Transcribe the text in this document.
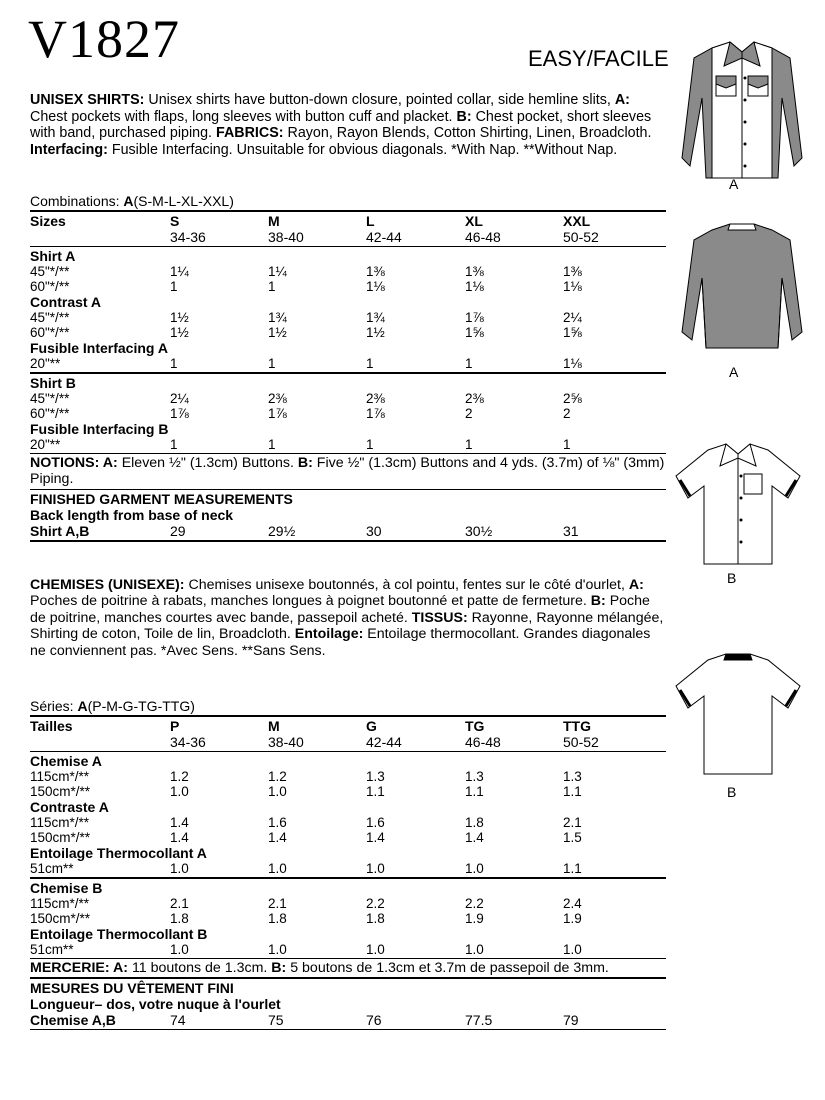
V1827	EASY/FACILE
UNISEX SHIRTS: Unisex shirts have button-down closure, pointed collar, side hemline slits, A: Chest pockets with flaps, long sleeves with button cuff and placket. B: Chest pocket, short sleeves with band, purchased piping. FABRICS: Rayon, Rayon Blends, Cotton Shirting, Linen, Broadcloth. Interfacing: Fusible Interfacing. Unsuitable for obvious diagonals. *With Nap. **Without Nap.
Combinations: A(S-M-L-XL-XXL)
Sizes	S	M	L	XL	XXL
34-36	38-40	42-44	46-48	50-52
Shirt A
45"*/**	1¼	1¼	1⅜	1⅜	1⅜
60"*/**	1	1	1⅛	1⅛	1⅛
Contrast A
45"*/**	1½	1¾	1¾	1⅞	2¼
60"*/**	1½	1½	1½	1⅝	1⅝
Fusible Interfacing A
20"**	1	1	1	1	1⅛
Shirt B
45"*/**	2¼	2⅜	2⅜	2⅜	2⅝
60"*/**	1⅞	1⅞	1⅞	2	2
Fusible Interfacing B
20"**	1	1	1	1	1
NOTIONS: A: Eleven ½" (1.3cm) Buttons. B: Five ½" (1.3cm) Buttons and 4 yds. (3.7m) of ⅛" (3mm) Piping.
FINISHED GARMENT MEASUREMENTS
Back length from base of neck
Shirt A,B	29	29½	30	30½	31
CHEMISES (UNISEXE): Chemises unisexe boutonnés, à col pointu, fentes sur le côté d'ourlet, A: Poches de poitrine à rabats, manches longues à poignet boutonné et patte de fermeture. B: Poche de poitrine, manches courtes avec bande, passepoil acheté. TISSUS: Rayonne, Rayonne mélangée, Shirting de coton, Toile de lin, Broadcloth. Entoilage: Entoilage thermocollant. Grandes diagonales ne conviennent pas. *Avec Sens. **Sans Sens.
Séries: A(P-M-G-TG-TTG)
Tailles	P	M	G	TG	TTG
34-36	38-40	42-44	46-48	50-52
Chemise A
115cm*/**	1.2	1.2	1.3	1.3	1.3
150cm*/**	1.0	1.0	1.1	1.1	1.1
Contraste A
115cm*/**	1.4	1.6	1.6	1.8	2.1
150cm*/**	1.4	1.4	1.4	1.4	1.5
Entoilage Thermocollant A
51cm**	1.0	1.0	1.0	1.0	1.1
Chemise B
115cm*/**	2.1	2.1	2.2	2.2	2.4
150cm*/**	1.8	1.8	1.8	1.9	1.9
Entoilage Thermocollant B
51cm**	1.0	1.0	1.0	1.0	1.0
MERCERIE: A: 11 boutons de 1.3cm. B: 5 boutons de 1.3cm et 3.7m de passepoil de 3mm.
MESURES DU VÊTEMENT FINI
Longueur– dos, votre nuque à l'ourlet
Chemise A,B	74	75	76	77.5	79
A
A
B
B
